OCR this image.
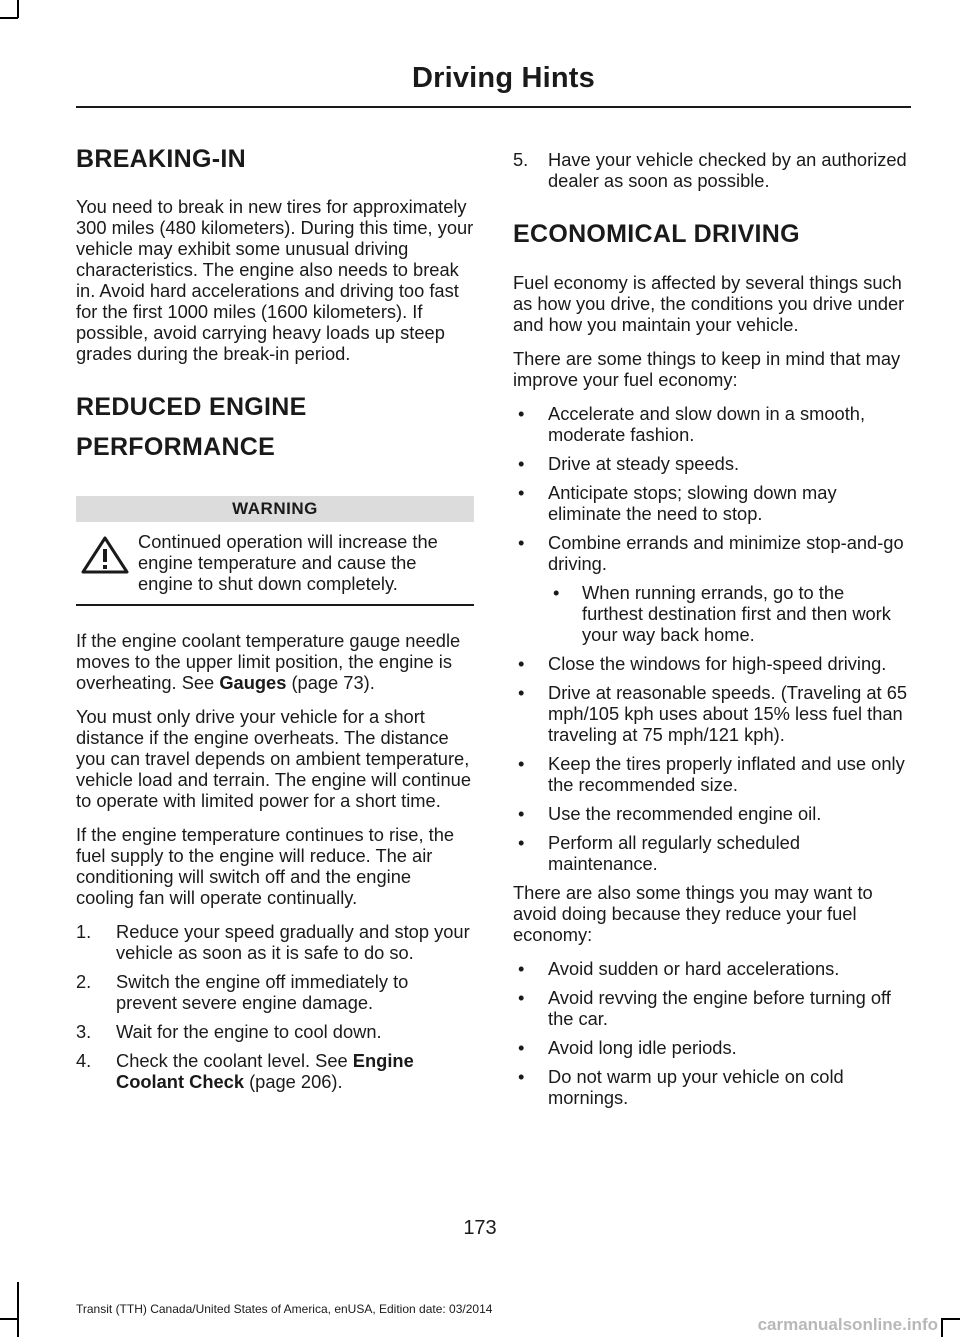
Driving Hints
BREAKING-IN

You need to break in new tires for approximately 300 miles (480 kilometers). During this time, your vehicle may exhibit some unusual driving characteristics. The engine also needs to break in. Avoid hard accelerations and driving too fast for the first 1000 miles (1600 kilometers). If possible, avoid carrying heavy loads up steep grades during the break-in period.

REDUCED ENGINE
PERFORMANCE
WARNING

Continued operation will increase the engine temperature and cause the engine to shut down completely.

If the engine coolant temperature gauge needle moves to the upper limit position, the engine is overheating. See Gauges (page 73).

You must only drive your vehicle for a short distance if the engine overheats. The distance you can travel depends on ambient temperature, vehicle load and terrain. The engine will continue to operate with limited power for a short time.

If the engine temperature continues to rise, the fuel supply to the engine will reduce. The air conditioning will switch off and the engine cooling fan will operate continually.

1. Reduce your speed gradually and stop your vehicle as soon as it is safe to do so.
2. Switch the engine off immediately to prevent severe engine damage.
3. Wait for the engine to cool down.
4. Check the coolant level. See Engine Coolant Check (page 206).
5. Have your vehicle checked by an authorized dealer as soon as possible.
ECONOMICAL DRIVING

Fuel economy is affected by several things such as how you drive, the conditions you drive under and how you maintain your vehicle.

There are some things to keep in mind that may improve your fuel economy:

• Accelerate and slow down in a smooth, moderate fashion.
• Drive at steady speeds.
• Anticipate stops; slowing down may eliminate the need to stop.
• Combine errands and minimize stop-and-go driving.
• When running errands, go to the furthest destination first and then work your way back home.
• Close the windows for high-speed driving.
• Drive at reasonable speeds. (Traveling at 65 mph/105 kph uses about 15% less fuel than traveling at 75 mph/121 kph).
• Keep the tires properly inflated and use only the recommended size.
• Use the recommended engine oil.
• Perform all regularly scheduled maintenance.

There are also some things you may want to avoid doing because they reduce your fuel economy:

• Avoid sudden or hard accelerations.
• Avoid revving the engine before turning off the car.
• Avoid long idle periods.
• Do not warm up your vehicle on cold mornings.
173
Transit (TTH) Canada/United States of America, enUSA, Edition date: 03/2014
carmanualsonline.info
